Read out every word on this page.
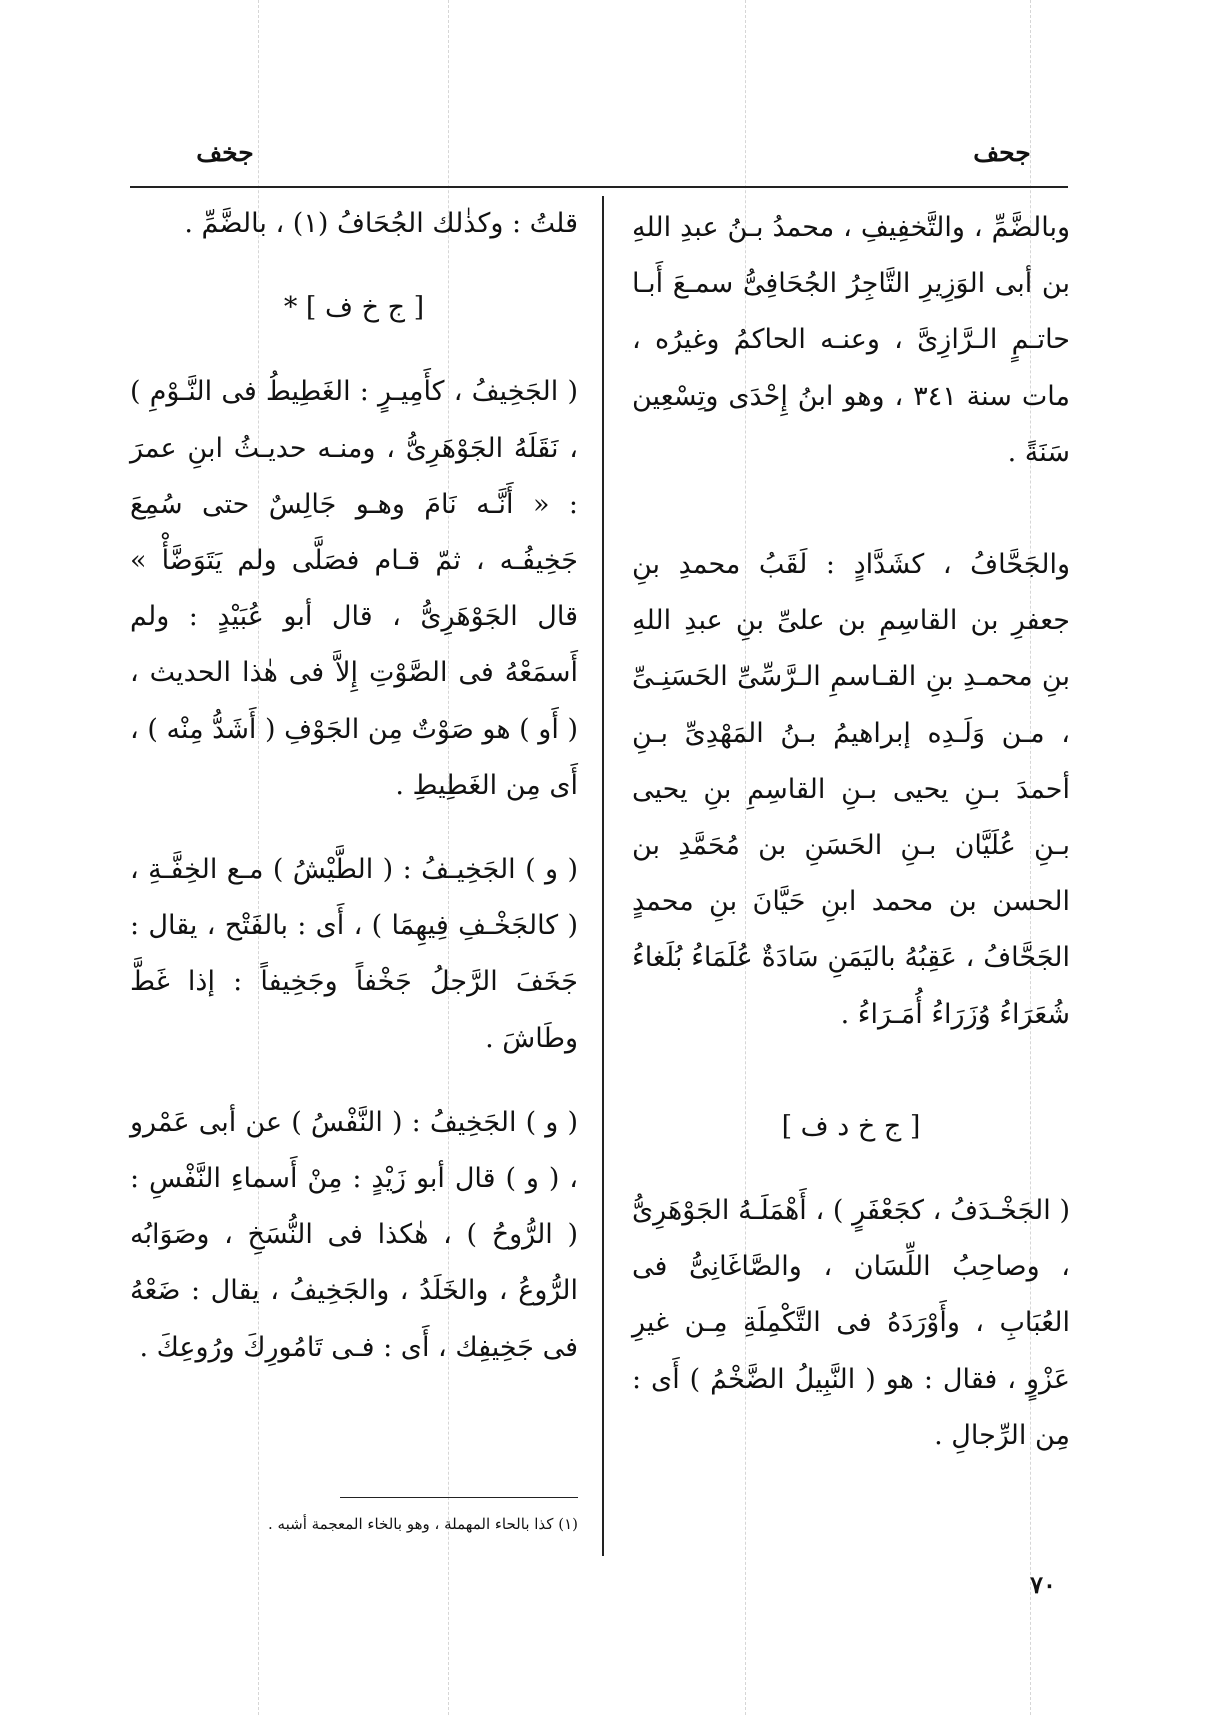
جحف
جخف

وبالضَّمِّ ، والتَّخفِيفِ ، محمدُ بـنُ عبدِ اللهِ بن أبى الوَزِيرِ التَّاجِرُ الجُحَافِىُّ سمـعَ أَبـا حاتـمٍ الـرَّازِىَّ ، وعنـه الحاكمُ وغيرُه ، مات سنة ٣٤١ ، وهو ابنُ إِحْدَى وتِسْعِين سَنَةً .

والجَحَّافُ ، كشَدَّادٍ : لَقَبُ محمدِ بنِ جعفرِ بن القاسِمِ بن علىِّ بنِ عبدِ اللهِ بنِ محمـدِ بنِ القـاسمِ الـرَّسِّىِّ الحَسَنِـىِّ ، مـن وَلَـدِه إبراهيمُ بـنُ المَهْدِىِّ بـنِ أحمدَ بـنِ يحيى بـنِ القاسِمِ بنِ يحيى بـنِ عُلَيَّان بـنِ الحَسَنِ بن مُحَمَّدِ بن الحسن بن محمد ابنِ حَيَّانَ بنِ محمدٍ الجَحَّافُ ، عَقِبُهُ باليَمَنِ سَادَةٌ عُلَمَاءُ بُلَغاءُ شُعَرَاءُ وُزَرَاءُ أُمَـرَاءُ .

[ ج خ د ف ]

( الجَخْـدَفُ ، كجَعْفَرٍ ) ، أَهْمَلَـهُ الجَوْهَرِىُّ ، وصاحِبُ اللِّسَان ، والصَّاغَانِىُّ فى العُبَابِ ، وأَوْرَدَهُ فى التَّكْمِلَةِ مِـن غيرِ عَزْوٍ ، فقال : هو ( النَّبِيلُ الضَّخْمُ ) أَى : مِن الرِّجالِ .

قلتُ : وكذٰلك الجُحَافُ (١) ، بالضَّمِّ .

[ ج خ ف ] *

( الجَخِيفُ ، كأَمِيـرٍ : الغَطِيطُ فى النَّـوْمِ ) ، نَقَلَهُ الجَوْهَرِىُّ ، ومنـه حديـثُ ابنِ عمرَ : « أَنَّـه نَامَ وهـو جَالِسٌ حتى سُمِعَ جَخِيفُـه ، ثمّ قـام فصَلَّى ولم يَتَوَضَّأْ » قال الجَوْهَرِىُّ ، قال أبو عُبَيْدٍ : ولم أَسمَعْهُ فى الصَّوْتِ إِلاَّ فى هٰذا الحديث ، ( أَو ) هو صَوْتٌ مِن الجَوْفِ ( أَشَدُّ مِنْه ) ، أَى مِن الغَطِيطِ .

( و ) الجَخِيـفُ : ( الطَّيْشُ ) مـع الخِفَّـةِ ، ( كالجَخْـفِ فِيهِمَا ) ، أَى : بالفَتْح ، يقال : جَخَفَ الرَّجلُ جَخْفاً وجَخِيفاً : إذا غَطَّ وطَاشَ .

( و ) الجَخِيفُ : ( النَّفْسُ ) عن أبى عَمْرو ، ( و ) قال أبو زَيْدٍ : مِنْ أَسماءِ النَّفْسِ : ( الرُّوحُ ) ، هٰكذا فى النُّسَخِ ، وصَوَابُه الرُّوعُ ، والخَلَدُ ، والجَخِيفُ ، يقال : ضَعْهُ فى جَخِيفِك ، أَى : فـى تَامُورِكَ ورُوعِكَ .

(١) كذا بالحاء المهملة ، وهو بالخاء المعجمة أشبه .
٧٠
